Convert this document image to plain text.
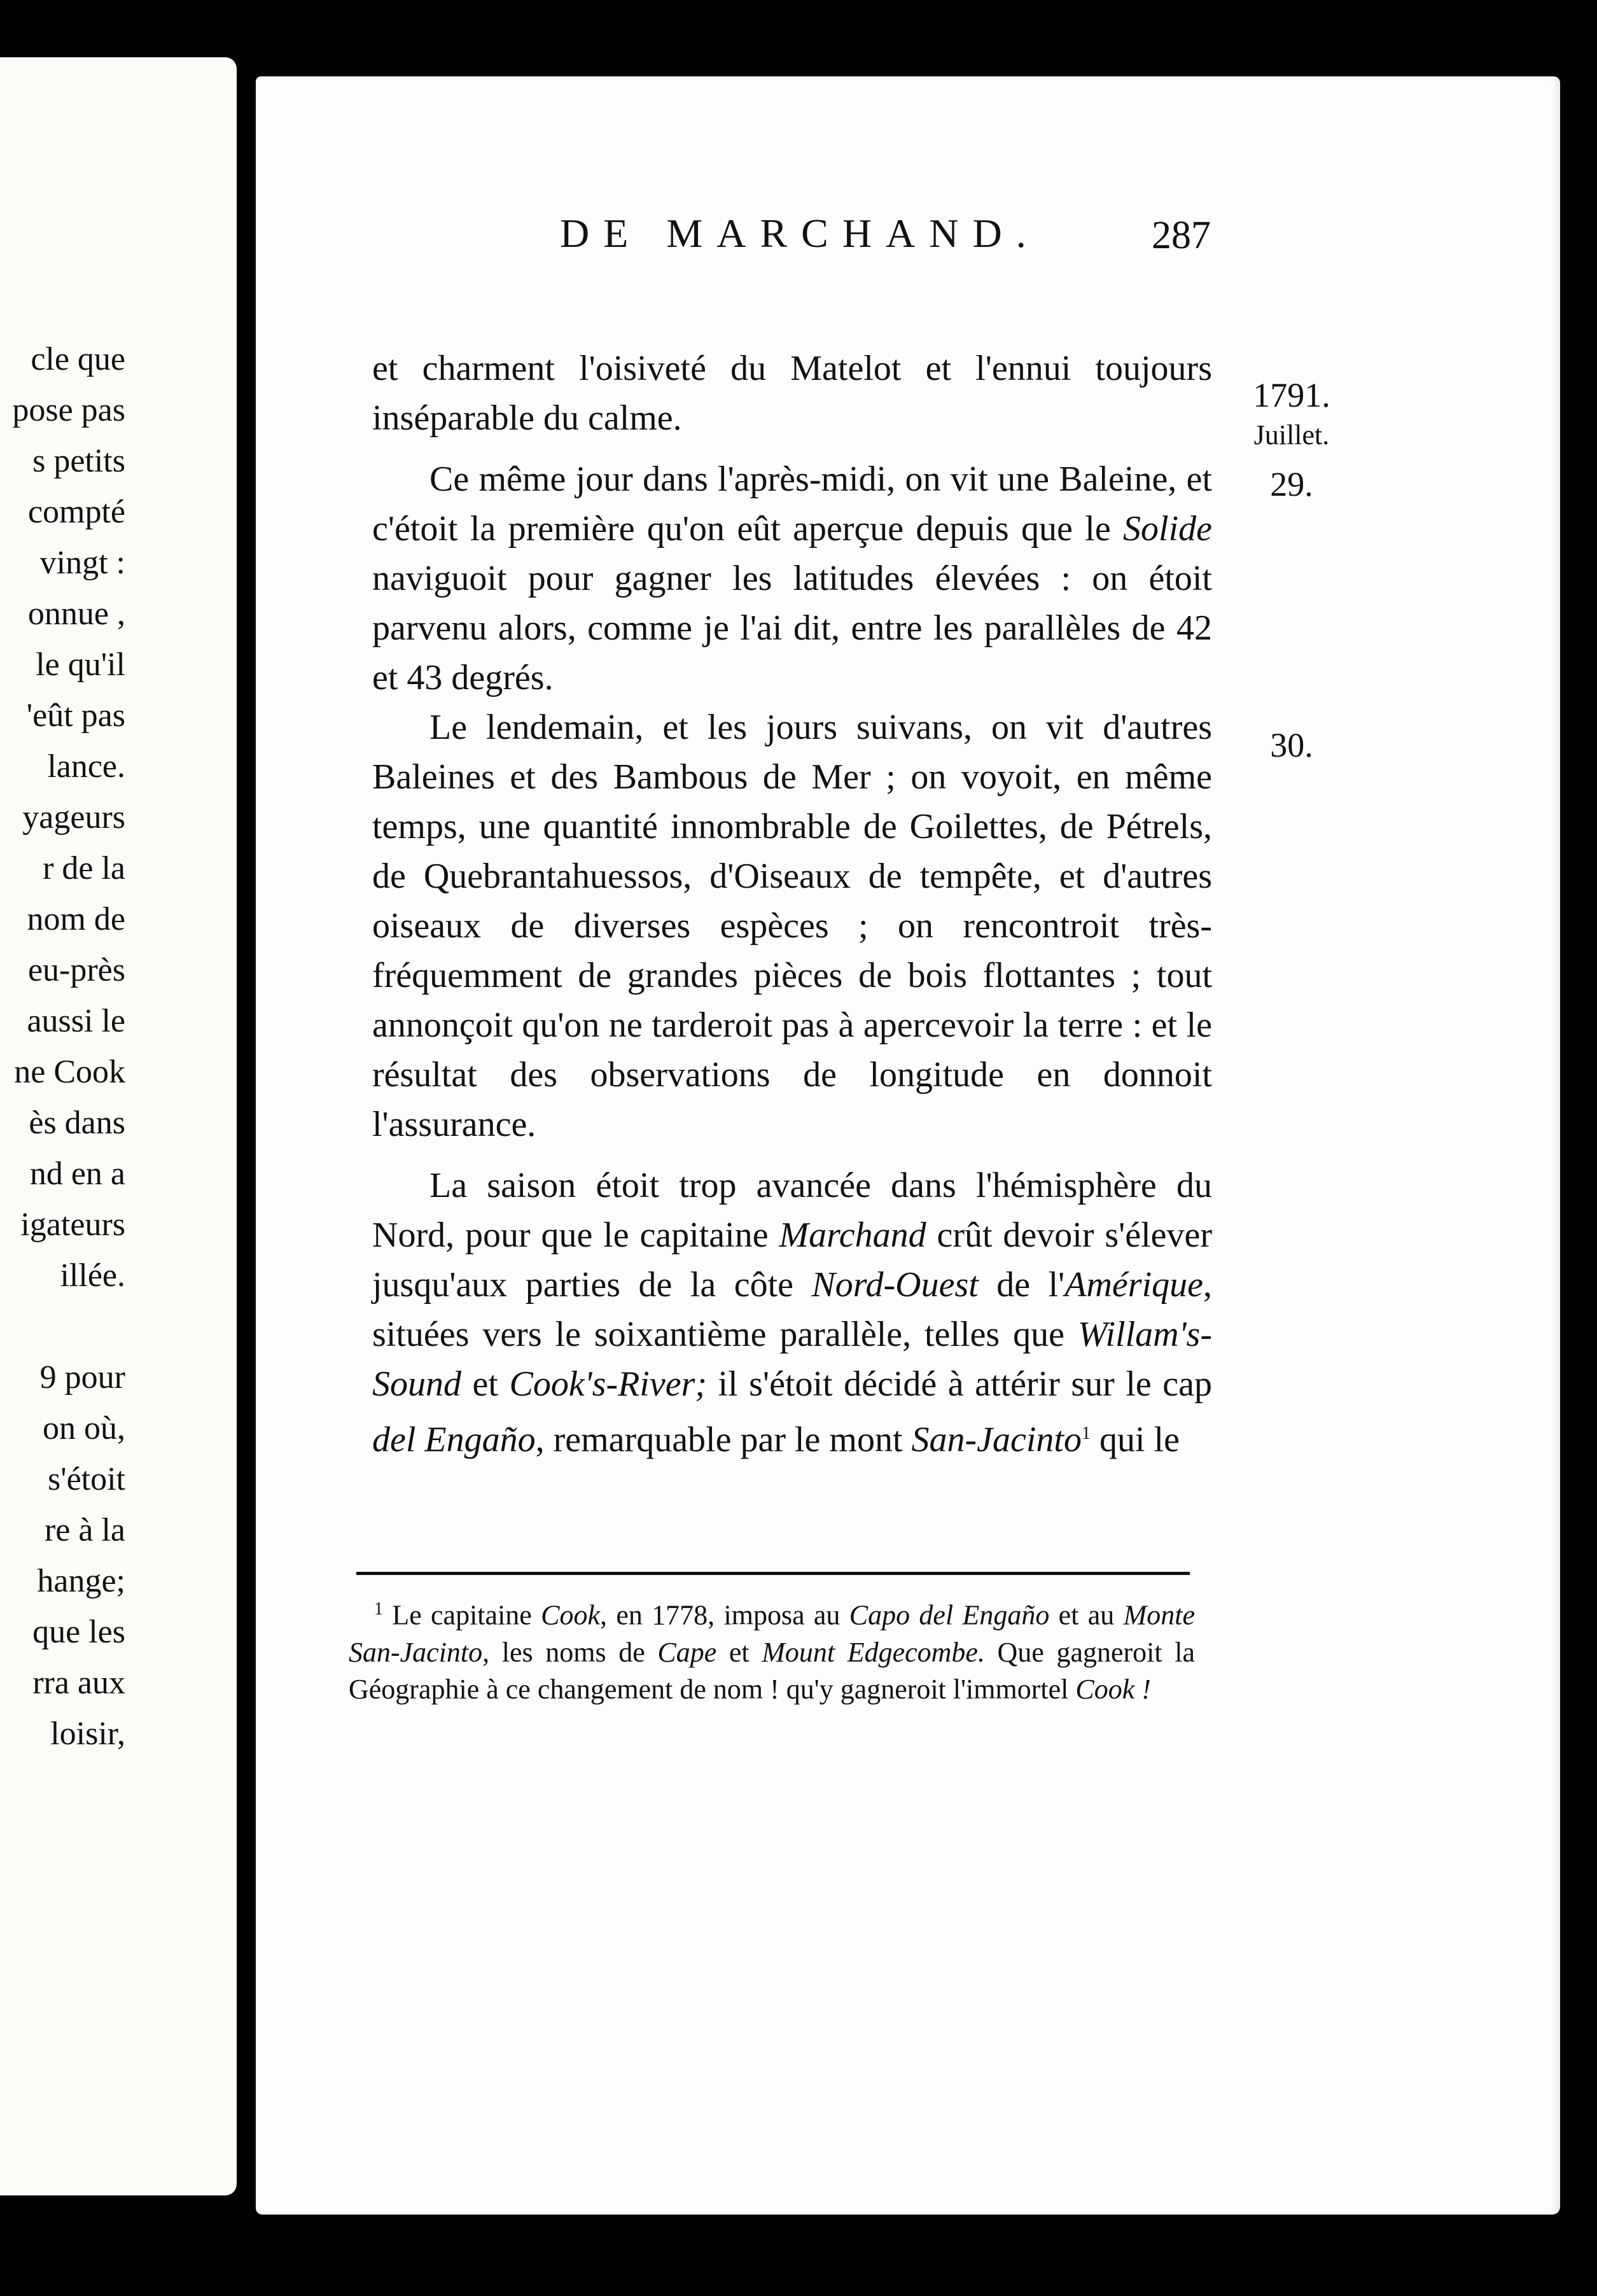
cle que
pose pas
s petits
compté
vingt :
onnue ,
le qu'il
'eût pas
lance.
yageurs
r de la
nom de
eu-près
aussi le
ne Cook
ès dans
nd en a
igateurs
illée.
9 pour
on où,
s'étoit
re à la
hange;
que les
rra aux
loisir,
DE MARCHAND.	287
1791.
Juillet.
29.
30.

et charment l'oisiveté du Matelot et l'ennui toujours inséparable du calme.

Ce même jour dans l'après-midi, on vit une Baleine, et c'étoit la première qu'on eût aperçue depuis que le Solide naviguoit pour gagner les latitudes élevées : on étoit parvenu alors, comme je l'ai dit, entre les parallèles de 42 et 43 degrés.

Le lendemain, et les jours suivans, on vit d'autres Baleines et des Bambous de Mer ; on voyoit, en même temps, une quantité innombrable de Goilettes, de Pétrels, de Quebrantahuessos, d'Oiseaux de tempête, et d'autres oiseaux de diverses espèces ; on rencontroit très-fréquemment de grandes pièces de bois flottantes ; tout annonçoit qu'on ne tarderoit pas à apercevoir la terre : et le résultat des observations de longitude en donnoit l'assurance.

La saison étoit trop avancée dans l'hémisphère du Nord, pour que le capitaine Marchand crût devoir s'élever jusqu'aux parties de la côte Nord-Ouest de l'Amérique, situées vers le soixantième parallèle, telles que Willam's-Sound et Cook's-River; il s'étoit décidé à attérir sur le cap del Engaño, remarquable par le mont San-Jacinto$^1$ qui le

$^1$ Le capitaine Cook, en 1778, imposa au Capo del Engaño et au Monte San-Jacinto, les noms de Cape et Mount Edgecombe. Que gagneroit la Géographie à ce changement de nom ! qu'y gagneroit l'immortel Cook !
